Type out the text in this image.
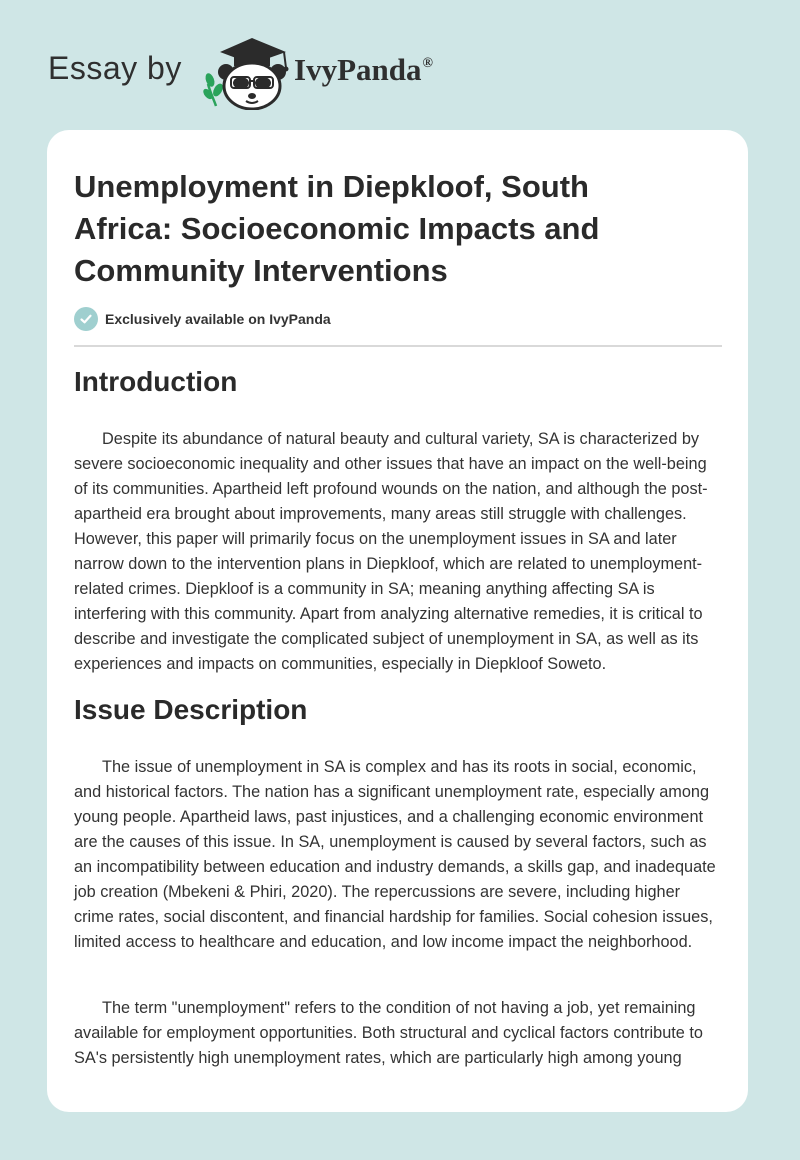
Essay by	IvyPanda®
Unemployment in Diepkloof, South Africa: Socioeconomic Impacts and Community Interventions
Exclusively available on IvyPanda
Introduction

Despite its abundance of natural beauty and cultural variety, SA is characterized by severe socioeconomic inequality and other issues that have an impact on the well-being of its communities. Apartheid left profound wounds on the nation, and although the post-apartheid era brought about improvements, many areas still struggle with challenges. However, this paper will primarily focus on the unemployment issues in SA and later narrow down to the intervention plans in Diepkloof, which are related to unemployment-related crimes. Diepkloof is a community in SA; meaning anything affecting SA is interfering with this community. Apart from analyzing alternative remedies, it is critical to describe and investigate the complicated subject of unemployment in SA, as well as its experiences and impacts on communities, especially in Diepkloof Soweto.

Issue Description

The issue of unemployment in SA is complex and has its roots in social, economic, and historical factors. The nation has a significant unemployment rate, especially among young people. Apartheid laws, past injustices, and a challenging economic environment are the causes of this issue. In SA, unemployment is caused by several factors, such as an incompatibility between education and industry demands, a skills gap, and inadequate job creation (Mbekeni & Phiri, 2020). The repercussions are severe, including higher crime rates, social discontent, and financial hardship for families. Social cohesion issues, limited access to healthcare and education, and low income impact the neighborhood.

The term "unemployment" refers to the condition of not having a job, yet remaining available for employment opportunities. Both structural and cyclical factors contribute to SA's persistently high unemployment rates, which are particularly high among young
